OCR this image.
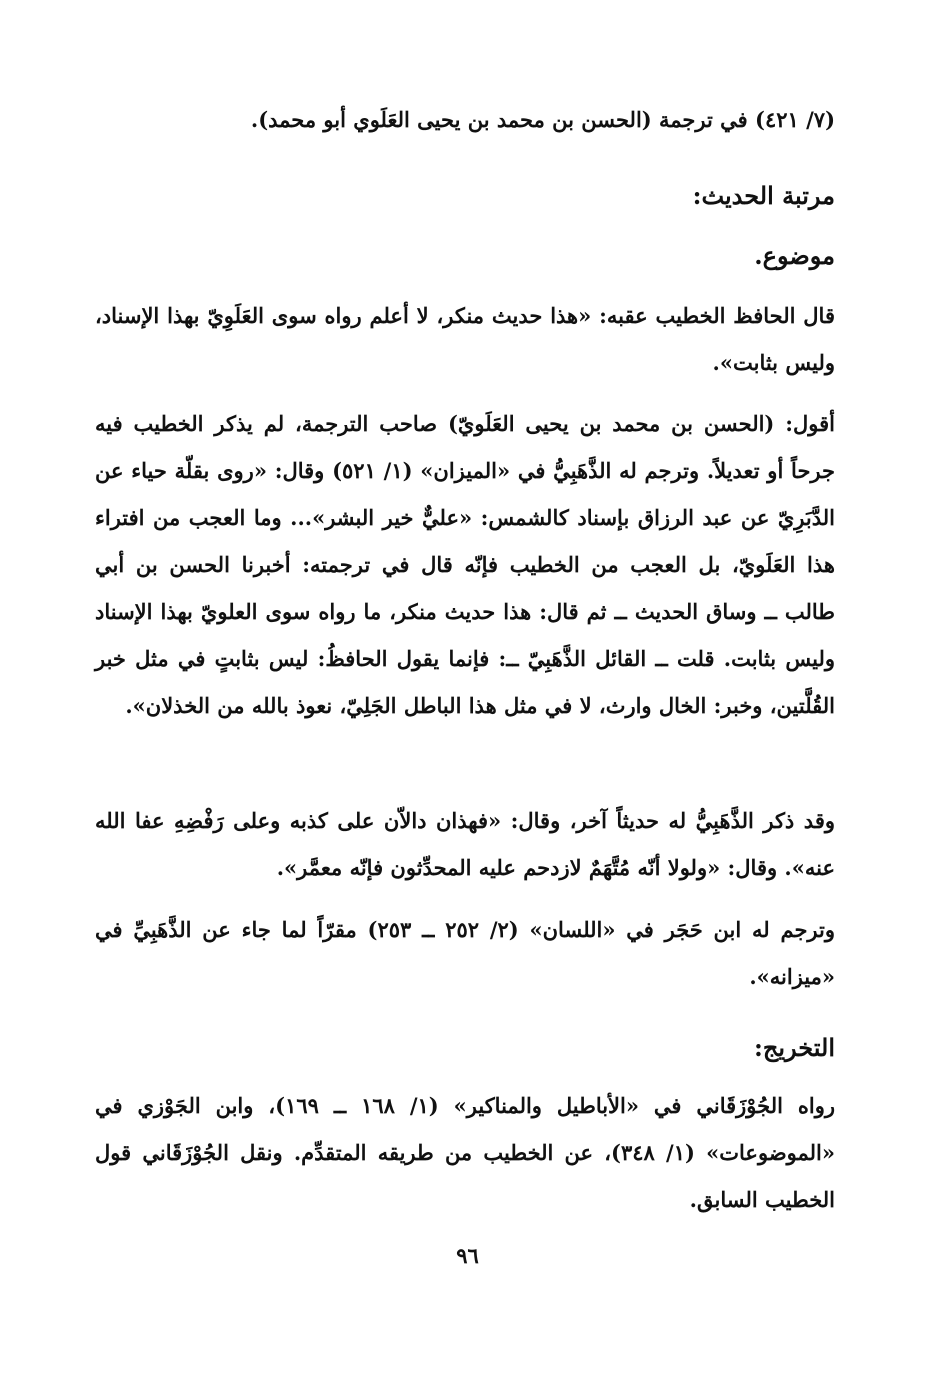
(٧/ ٤٢١) في ترجمة (الحسن بن محمد بن يحيى العَلَوي أبو محمد).
مرتبة الحديث:
موضوع.
قال الحافظ الخطيب عقبه: «هذا حديث منكر، لا أعلم رواه سوى العَلَوِيّ بهذا الإسناد، وليس بثابت».
أقول: (الحسن بن محمد بن يحيى العَلَويّ) صاحب الترجمة، لم يذكر الخطيب فيه جرحاً أو تعديلاً. وترجم له الذَّهَبِيُّ في «الميزان» (١/ ٥٢١) وقال: «روى بقلّة حياء عن الدَّبَرِيّ عن عبد الرزاق بإسناد كالشمس: «عليٌّ خير البشر»... وما العجب من افتراء هذا العَلَويّ، بل العجب من الخطيب فإنّه قال في ترجمته: أخبرنا الحسن بن أبي طالب ــ وساق الحديث ــ ثم قال: هذا حديث منكر، ما رواه سوى العلويّ بهذا الإسناد وليس بثابت. قلت ــ القائل الذَّهَبِيّ ــ: فإنما يقول الحافظُ: ليس بثابتٍ في مثل خبر القُلَّتين، وخبر: الخال وارث، لا في مثل هذا الباطل الجَلِيّ، نعوذ بالله من الخذلان».
وقد ذكر الذَّهَبِيُّ له حديثاً آخر، وقال: «فهذان دالاّن على كذبه وعلى رَفْضِهِ عفا الله عنه». وقال: «ولولا أنّه مُتَّهَمٌ لازدحم عليه المحدِّثون فإنّه معمَّر».
وترجم له ابن حَجَر في «اللسان» (٢/ ٢٥٢ ــ ٢٥٣) مقرّاً لما جاء عن الذَّهَبِيِّ في «ميزانه».
التخريج:
رواه الجُوْزَقَاني في «الأباطيل والمناكير» (١/ ١٦٨ ــ ١٦٩)، وابن الجَوْزي في «الموضوعات» (١/ ٣٤٨)، عن الخطيب من طريقه المتقدِّم. ونقل الجُوْزَقَاني قول الخطيب السابق.
٩٦
